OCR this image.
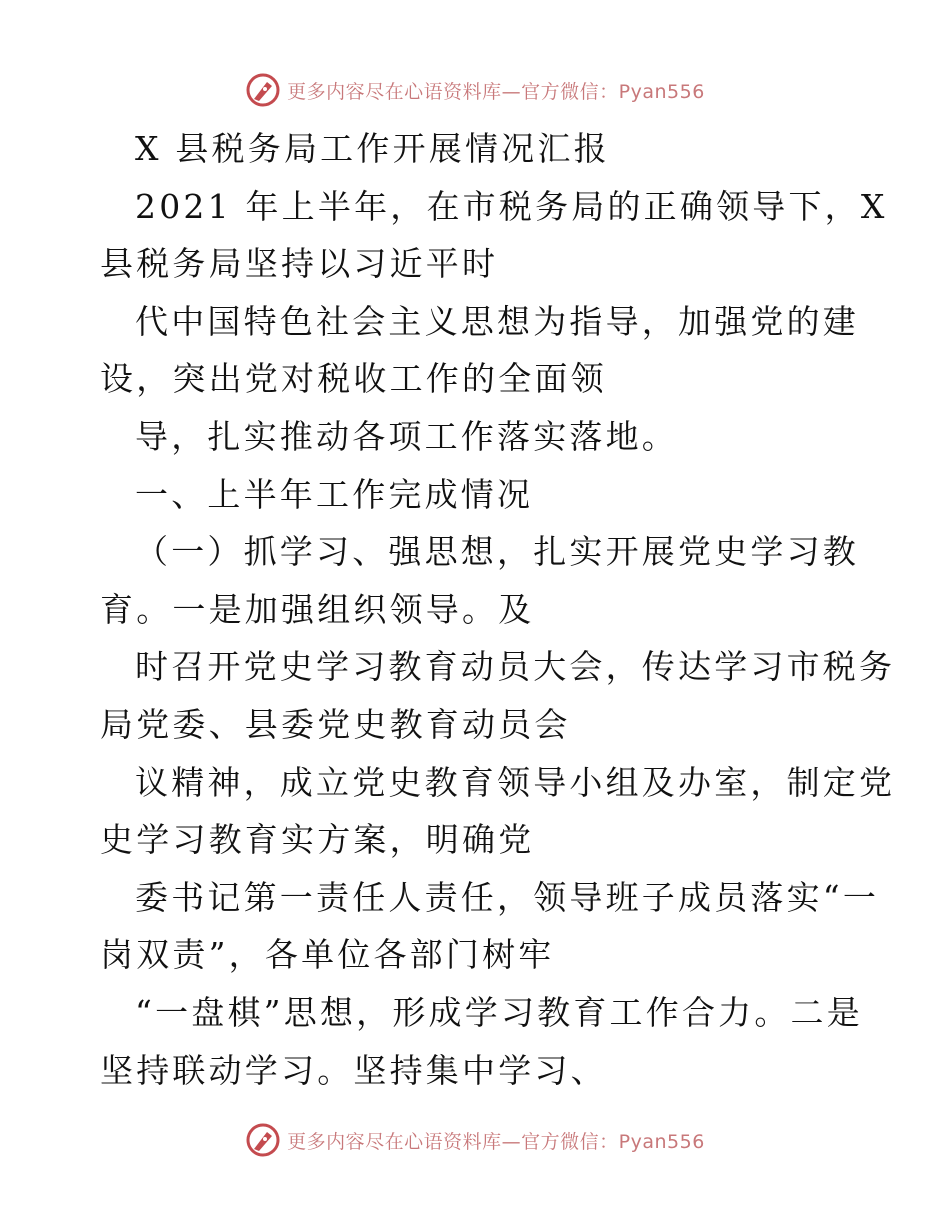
更多内容尽在心语资料库—官方微信：Pyan556
X 县税务局工作开展情况汇报
2021 年上半年，在市税务局的正确领导下，X
县税务局坚持以习近平时
代中国特色社会主义思想为指导，加强党的建
设，突出党对税收工作的全面领
导，扎实推动各项工作落实落地。
一、上半年工作完成情况
（一）抓学习、强思想，扎实开展党史学习教
育。一是加强组织领导。及
时召开党史学习教育动员大会，传达学习市税务
局党委、县委党史教育动员会
议精神，成立党史教育领导小组及办室，制定党
史学习教育实方案，明确党
委书记第一责任人责任，领导班子成员落实“一
岗双责”，各单位各部门树牢
“一盘棋”思想，形成学习教育工作合力。二是
坚持联动学习。坚持集中学习、
更多内容尽在心语资料库—官方微信：Pyan556
